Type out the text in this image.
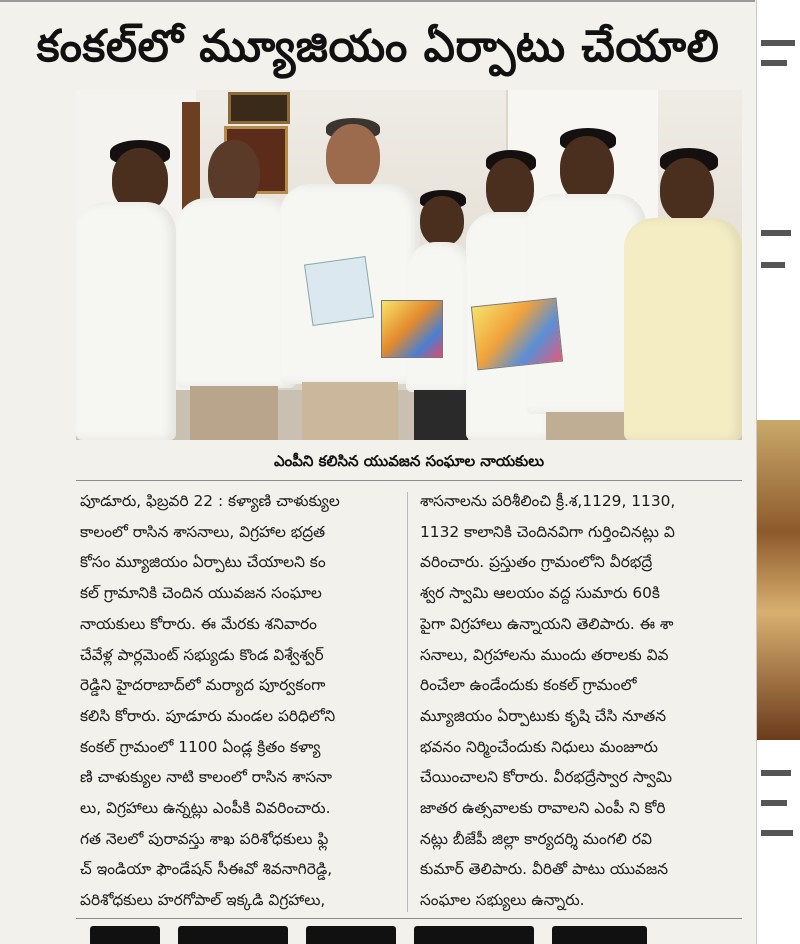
కంకల్‌లో మ్యూజియం ఏర్పాటు చేయాలి
ఎంపీని కలిసిన యువజన సంఘాల నాయకులు
పూడూరు, ఫిబ్రవరి 22 : కళ్యాణి చాళుక్యుల
కాలంలో రాసిన శాసనాలు, విగ్రహాల భద్రత
కోసం మ్యూజియం ఏర్పాటు చేయాలని కం
కల్ గ్రామానికి చెందిన యువజన సంఘాల
నాయకులు కోరారు. ఈ మేరకు శనివారం
చేవేళ్ల పార్లమెంట్ సభ్యుడు కొండ విశ్వేశ్వర్
రెడ్డిని హైదరాబాద్‌లో మర్యాద పూర్వకంగా
కలిసి కోరారు. పూడూరు మండల పరిధిలోని
కంకల్ గ్రామంలో 1100 ఏండ్ల క్రితం కళ్యా
ణి చాళుక్యుల నాటి కాలంలో రాసిన శాసనా
లు, విగ్రహాలు ఉన్నట్లు ఎంపీకి వివరించారు.
గత నెలలో పురావస్తు శాఖ పరిశోధకులు ఫ్లి
చ్ ఇండియా ఫౌండేషన్ సీఈవో శివనాగిరెడ్డి,
పరిశోధకులు హరగోపాల్ ఇక్కడి విగ్రహాలు,
శాసనాలను పరిశీలించి క్రీ.శ,1129, 1130,
1132 కాలానికి చెందినవిగా గుర్తించినట్లు వి
వరించారు. ప్రస్తుతం గ్రామంలోని వీరభద్రే
శ్వర స్వామి ఆలయం వద్ద సుమారు 60కి
పైగా విగ్రహాలు ఉన్నాయని తెలిపారు. ఈ శా
సనాలు, విగ్రహాలను ముందు తరాలకు వివ
రించేలా ఉండేందుకు కంకల్ గ్రామంలో
మ్యూజియం ఏర్పాటుకు కృషి చేసి నూతన
భవనం నిర్మించేందుకు నిధులు మంజూరు
చేయించాలని కోరారు. వీరభద్రేస్వార స్వామి
జాతర ఉత్సవాలకు రావాలని ఎంపీ ని కోరి
నట్లు బీజేపీ జిల్లా కార్యదర్శి మంగలి రవి
కుమార్ తెలిపారు. వీరితో పాటు యువజన
సంఘాల సభ్యులు ఉన్నారు.
